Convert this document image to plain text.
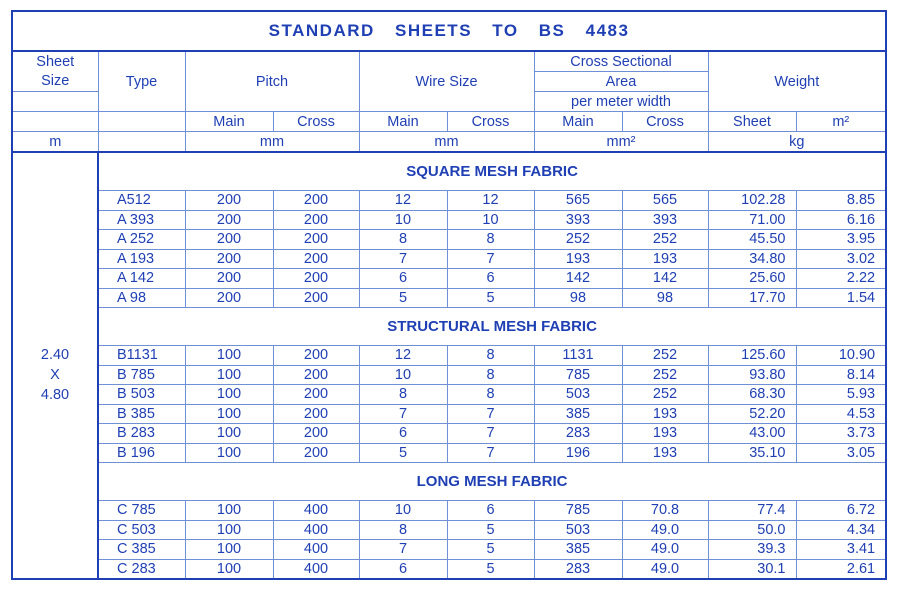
STANDARD SHEETS TO BS 4483									
Sheet	Type	Pitch		Wire Size		Cross Sectional		Weight	
Size						Area			
						per meter width			
		Main	Cross	Main	Cross	Main	Cross	Sheet	m²
m		mm		mm		mm²		kg	

2.40
X
4.80	SQUARE MESH FABRIC								
	A512	200	200	12	12	565	565	102.28	8.85
	A 393	200	200	10	10	393	393	71.00	6.16
	A 252	200	200	8	8	252	252	45.50	3.95
	A 193	200	200	7	7	193	193	34.80	3.02
	A 142	200	200	6	6	142	142	25.60	2.22
	A 98	200	200	5	5	98	98	17.70	1.54
	STRUCTURAL MESH FABRIC								
	B1131	100	200	12	8	1131	252	125.60	10.90
	B 785	100	200	10	8	785	252	93.80	8.14
	B 503	100	200	8	8	503	252	68.30	5.93
	B 385	100	200	7	7	385	193	52.20	4.53
	B 283	100	200	6	7	283	193	43.00	3.73
	B 196	100	200	5	7	196	193	35.10	3.05
	LONG MESH FABRIC								
	C 785	100	400	10	6	785	70.8	77.4	6.72
	C 503	100	400	8	5	503	49.0	50.0	4.34
	C 385	100	400	7	5	385	49.0	39.3	3.41
	C 283	100	400	6	5	283	49.0	30.1	2.61
